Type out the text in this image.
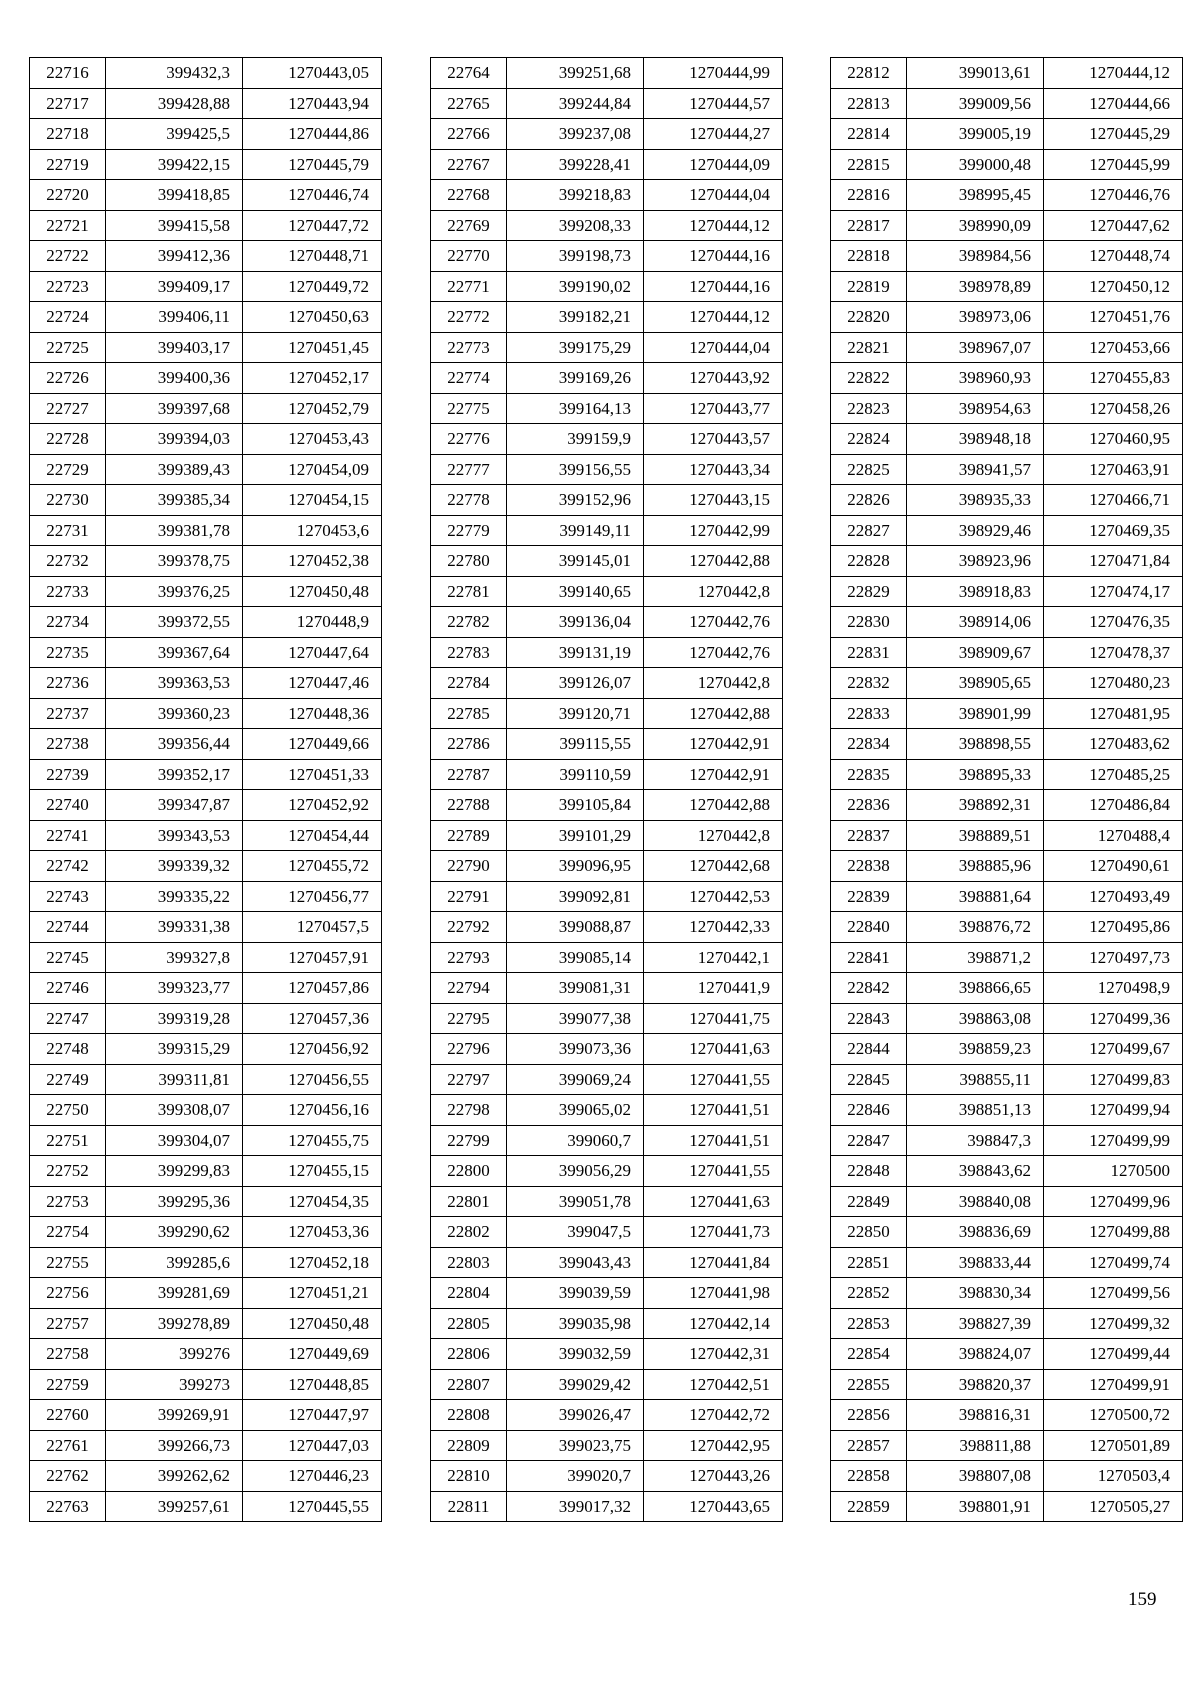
22716	399432,3	1270443,05
22717	399428,88	1270443,94
22718	399425,5	1270444,86
22719	399422,15	1270445,79
22720	399418,85	1270446,74
22721	399415,58	1270447,72
22722	399412,36	1270448,71
22723	399409,17	1270449,72
22724	399406,11	1270450,63
22725	399403,17	1270451,45
22726	399400,36	1270452,17
22727	399397,68	1270452,79
22728	399394,03	1270453,43
22729	399389,43	1270454,09
22730	399385,34	1270454,15
22731	399381,78	1270453,6
22732	399378,75	1270452,38
22733	399376,25	1270450,48
22734	399372,55	1270448,9
22735	399367,64	1270447,64
22736	399363,53	1270447,46
22737	399360,23	1270448,36
22738	399356,44	1270449,66
22739	399352,17	1270451,33
22740	399347,87	1270452,92
22741	399343,53	1270454,44
22742	399339,32	1270455,72
22743	399335,22	1270456,77
22744	399331,38	1270457,5
22745	399327,8	1270457,91
22746	399323,77	1270457,86
22747	399319,28	1270457,36
22748	399315,29	1270456,92
22749	399311,81	1270456,55
22750	399308,07	1270456,16
22751	399304,07	1270455,75
22752	399299,83	1270455,15
22753	399295,36	1270454,35
22754	399290,62	1270453,36
22755	399285,6	1270452,18
22756	399281,69	1270451,21
22757	399278,89	1270450,48
22758	399276	1270449,69
22759	399273	1270448,85
22760	399269,91	1270447,97
22761	399266,73	1270447,03
22762	399262,62	1270446,23
22763	399257,61	1270445,55
22764	399251,68	1270444,99
22765	399244,84	1270444,57
22766	399237,08	1270444,27
22767	399228,41	1270444,09
22768	399218,83	1270444,04
22769	399208,33	1270444,12
22770	399198,73	1270444,16
22771	399190,02	1270444,16
22772	399182,21	1270444,12
22773	399175,29	1270444,04
22774	399169,26	1270443,92
22775	399164,13	1270443,77
22776	399159,9	1270443,57
22777	399156,55	1270443,34
22778	399152,96	1270443,15
22779	399149,11	1270442,99
22780	399145,01	1270442,88
22781	399140,65	1270442,8
22782	399136,04	1270442,76
22783	399131,19	1270442,76
22784	399126,07	1270442,8
22785	399120,71	1270442,88
22786	399115,55	1270442,91
22787	399110,59	1270442,91
22788	399105,84	1270442,88
22789	399101,29	1270442,8
22790	399096,95	1270442,68
22791	399092,81	1270442,53
22792	399088,87	1270442,33
22793	399085,14	1270442,1
22794	399081,31	1270441,9
22795	399077,38	1270441,75
22796	399073,36	1270441,63
22797	399069,24	1270441,55
22798	399065,02	1270441,51
22799	399060,7	1270441,51
22800	399056,29	1270441,55
22801	399051,78	1270441,63
22802	399047,5	1270441,73
22803	399043,43	1270441,84
22804	399039,59	1270441,98
22805	399035,98	1270442,14
22806	399032,59	1270442,31
22807	399029,42	1270442,51
22808	399026,47	1270442,72
22809	399023,75	1270442,95
22810	399020,7	1270443,26
22811	399017,32	1270443,65
22812	399013,61	1270444,12
22813	399009,56	1270444,66
22814	399005,19	1270445,29
22815	399000,48	1270445,99
22816	398995,45	1270446,76
22817	398990,09	1270447,62
22818	398984,56	1270448,74
22819	398978,89	1270450,12
22820	398973,06	1270451,76
22821	398967,07	1270453,66
22822	398960,93	1270455,83
22823	398954,63	1270458,26
22824	398948,18	1270460,95
22825	398941,57	1270463,91
22826	398935,33	1270466,71
22827	398929,46	1270469,35
22828	398923,96	1270471,84
22829	398918,83	1270474,17
22830	398914,06	1270476,35
22831	398909,67	1270478,37
22832	398905,65	1270480,23
22833	398901,99	1270481,95
22834	398898,55	1270483,62
22835	398895,33	1270485,25
22836	398892,31	1270486,84
22837	398889,51	1270488,4
22838	398885,96	1270490,61
22839	398881,64	1270493,49
22840	398876,72	1270495,86
22841	398871,2	1270497,73
22842	398866,65	1270498,9
22843	398863,08	1270499,36
22844	398859,23	1270499,67
22845	398855,11	1270499,83
22846	398851,13	1270499,94
22847	398847,3	1270499,99
22848	398843,62	1270500
22849	398840,08	1270499,96
22850	398836,69	1270499,88
22851	398833,44	1270499,74
22852	398830,34	1270499,56
22853	398827,39	1270499,32
22854	398824,07	1270499,44
22855	398820,37	1270499,91
22856	398816,31	1270500,72
22857	398811,88	1270501,89
22858	398807,08	1270503,4
22859	398801,91	1270505,27
159
